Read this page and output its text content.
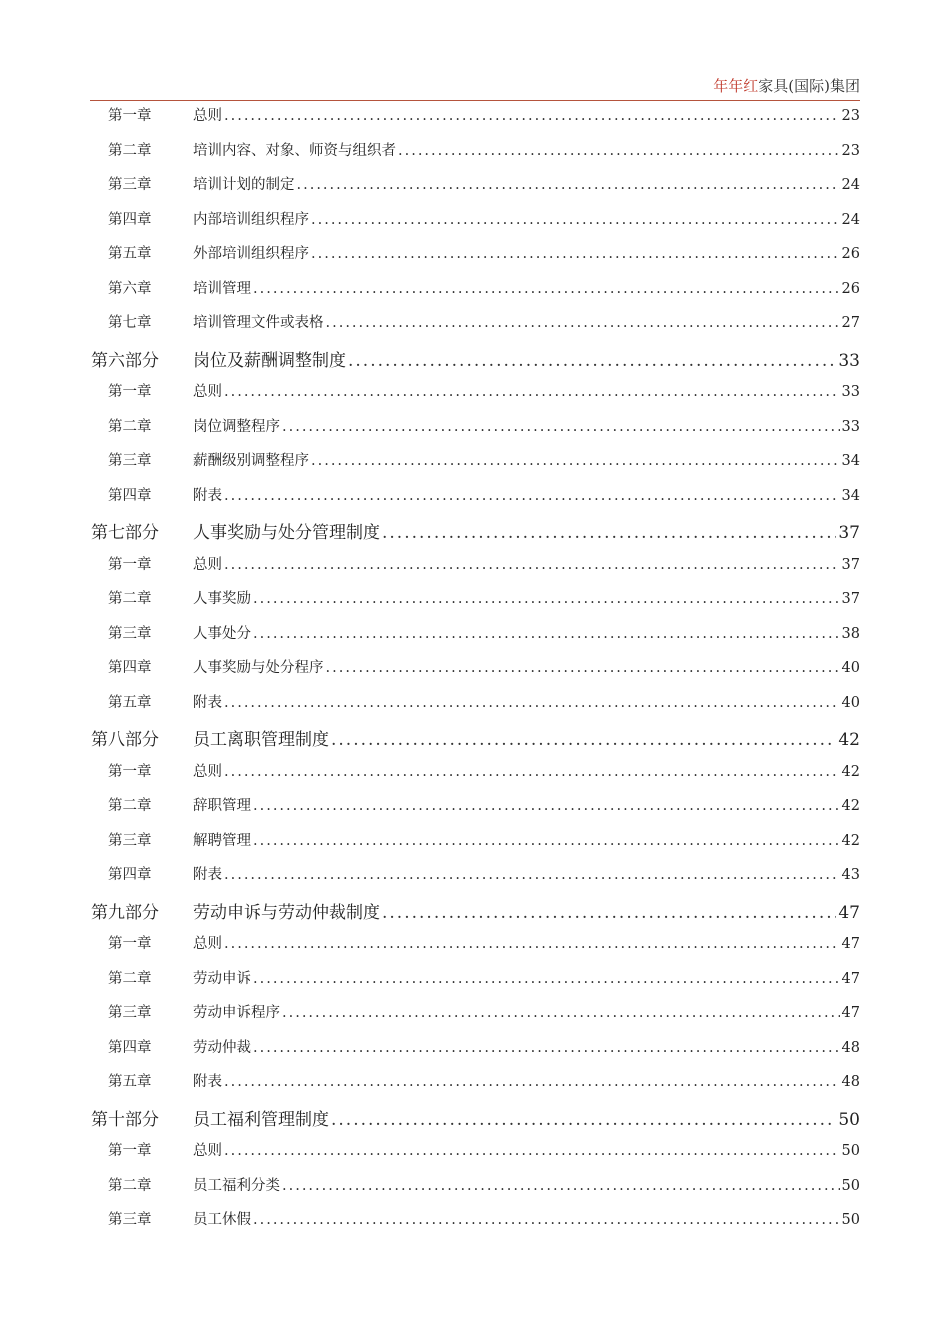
年年红家具(国际)集团
第一章	总则 .....	23
第二章	培训内容、对象、师资与组织者 .....	23
第三章	培训计划的制定 .....	24
第四章	内部培训组织程序 .....	24
第五章	外部培训组织程序 .....	26
第六章	培训管理 .....	26
第七章	培训管理文件或表格 .....	27
第六部分 岗位及薪酬调整制度 .....	33
第一章	总则 .....	33
第二章	岗位调整程序 .....	33
第三章	薪酬级别调整程序 .....	34
第四章	附表 .....	34
第七部分 人事奖励与处分管理制度 .....	37
第一章	总则 .....	37
第二章	人事奖励 .....	37
第三章	人事处分 .....	38
第四章	人事奖励与处分程序 .....	40
第五章	附表 .....	40
第八部分 员工离职管理制度 .....	42
第一章	总则 .....	42
第二章	辞职管理 .....	42
第三章	解聘管理 .....	42
第四章	附表 .....	43
第九部分 劳动申诉与劳动仲裁制度 .....	47
第一章	总则 .....	47
第二章	劳动申诉 .....	47
第三章	劳动申诉程序 .....	47
第四章	劳动仲裁 .....	48
第五章	附表 .....	48
第十部分 员工福利管理制度 .....	50
第一章	总则 .....	50
第二章	员工福利分类 .....	50
第三章	员工休假 .....	50
